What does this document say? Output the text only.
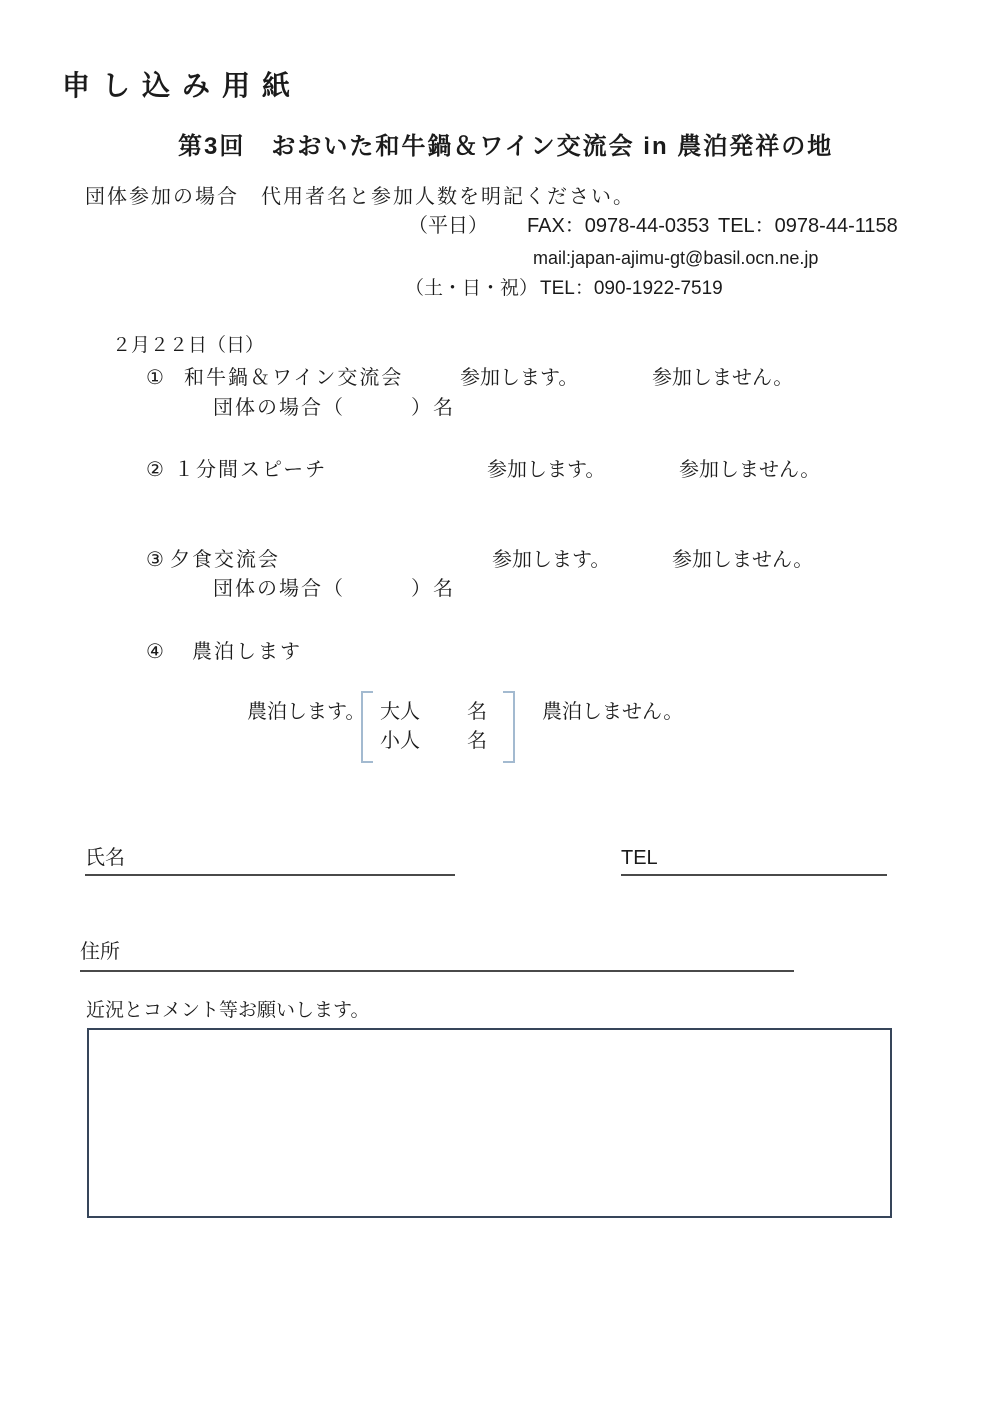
申し込み用紙
第3回　おおいた和牛鍋＆ワイン交流会 in 農泊発祥の地
団体参加の場合　代用者名と参加人数を明記ください。
（平日） FAX：0978-44-0353 TEL：0978-44-1158
mail:japan-ajimu-gt@basil.ocn.ne.jp
（土・日・祝） TEL：090-1922-7519
２月２２日（日）
① 和牛鍋＆ワイン交流会	参加します。	参加しません。
団体の場合（　　　）名
② １分間スピーチ	参加します。	参加しません。
③ 夕食交流会	参加します。	参加しません。
団体の場合（　　　）名
④ 農泊します
農泊します。 大人 名
小人 名
農泊しません。
氏名	TEL
住所
近況とコメント等お願いします。
